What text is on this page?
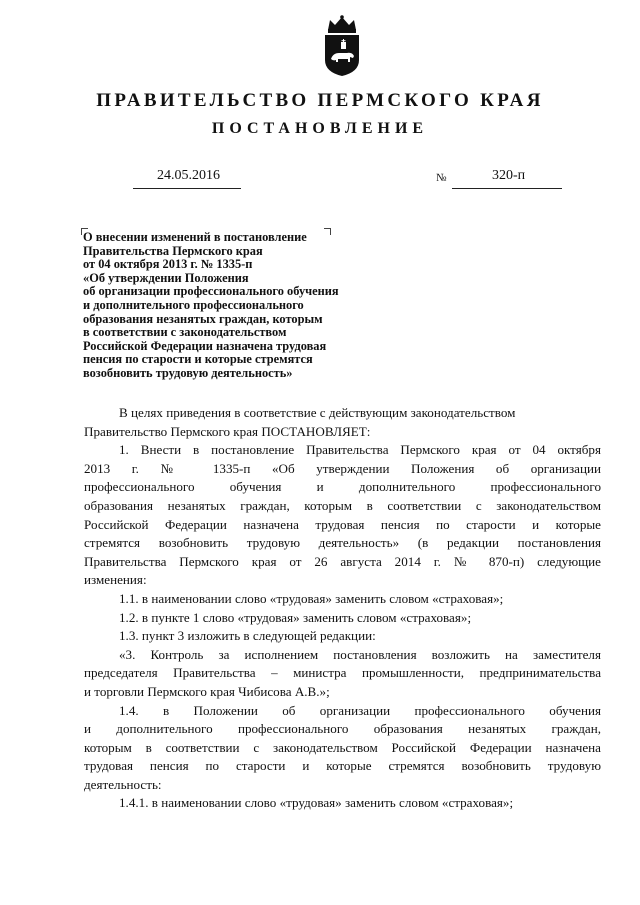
ПРАВИТЕЛЬСТВО ПЕРМСКОГО КРАЯ
ПОСТАНОВЛЕНИЕ
24.05.2016	№	320-п
О внесении изменений в постановление
Правительства Пермского края
от 04 октября 2013 г. № 1335-п
«Об утверждении Положения
об организации профессионального обучения
и дополнительного профессионального
образования незанятых граждан, которым
в соответствии с законодательством
Российской Федерации назначена трудовая
пенсия по старости и которые стремятся
возобновить трудовую деятельность»

В целях приведения в соответствие с действующим законодательством

Правительство Пермского края ПОСТАНОВЛЯЕТ:

1. Внести в постановление Правительства Пермского края от 04 октября

2013 г. № 1335-п «Об утверждении Положения об организации

профессионального обучения и дополнительного профессионального

образования незанятых граждан, которым в соответствии с законодательством

Российской Федерации назначена трудовая пенсия по старости и которые

стремятся возобновить трудовую деятельность» (в редакции постановления

Правительства Пермского края от 26 августа 2014 г. № 870-п) следующие

изменения:

1.1. в наименовании слово «трудовая» заменить словом «страховая»;

1.2. в пункте 1 слово «трудовая» заменить словом «страховая»;

1.3. пункт 3 изложить в следующей редакции:

«3. Контроль за исполнением постановления возложить на заместителя

председателя Правительства – министра промышленности, предпринимательства

и торговли Пермского края Чибисова А.В.»;

1.4. в Положении об организации профессионального обучения

и дополнительного профессионального образования незанятых граждан,

которым в соответствии с законодательством Российской Федерации назначена

трудовая пенсия по старости и которые стремятся возобновить трудовую

деятельность:

1.4.1. в наименовании слово «трудовая» заменить словом «страховая»;
